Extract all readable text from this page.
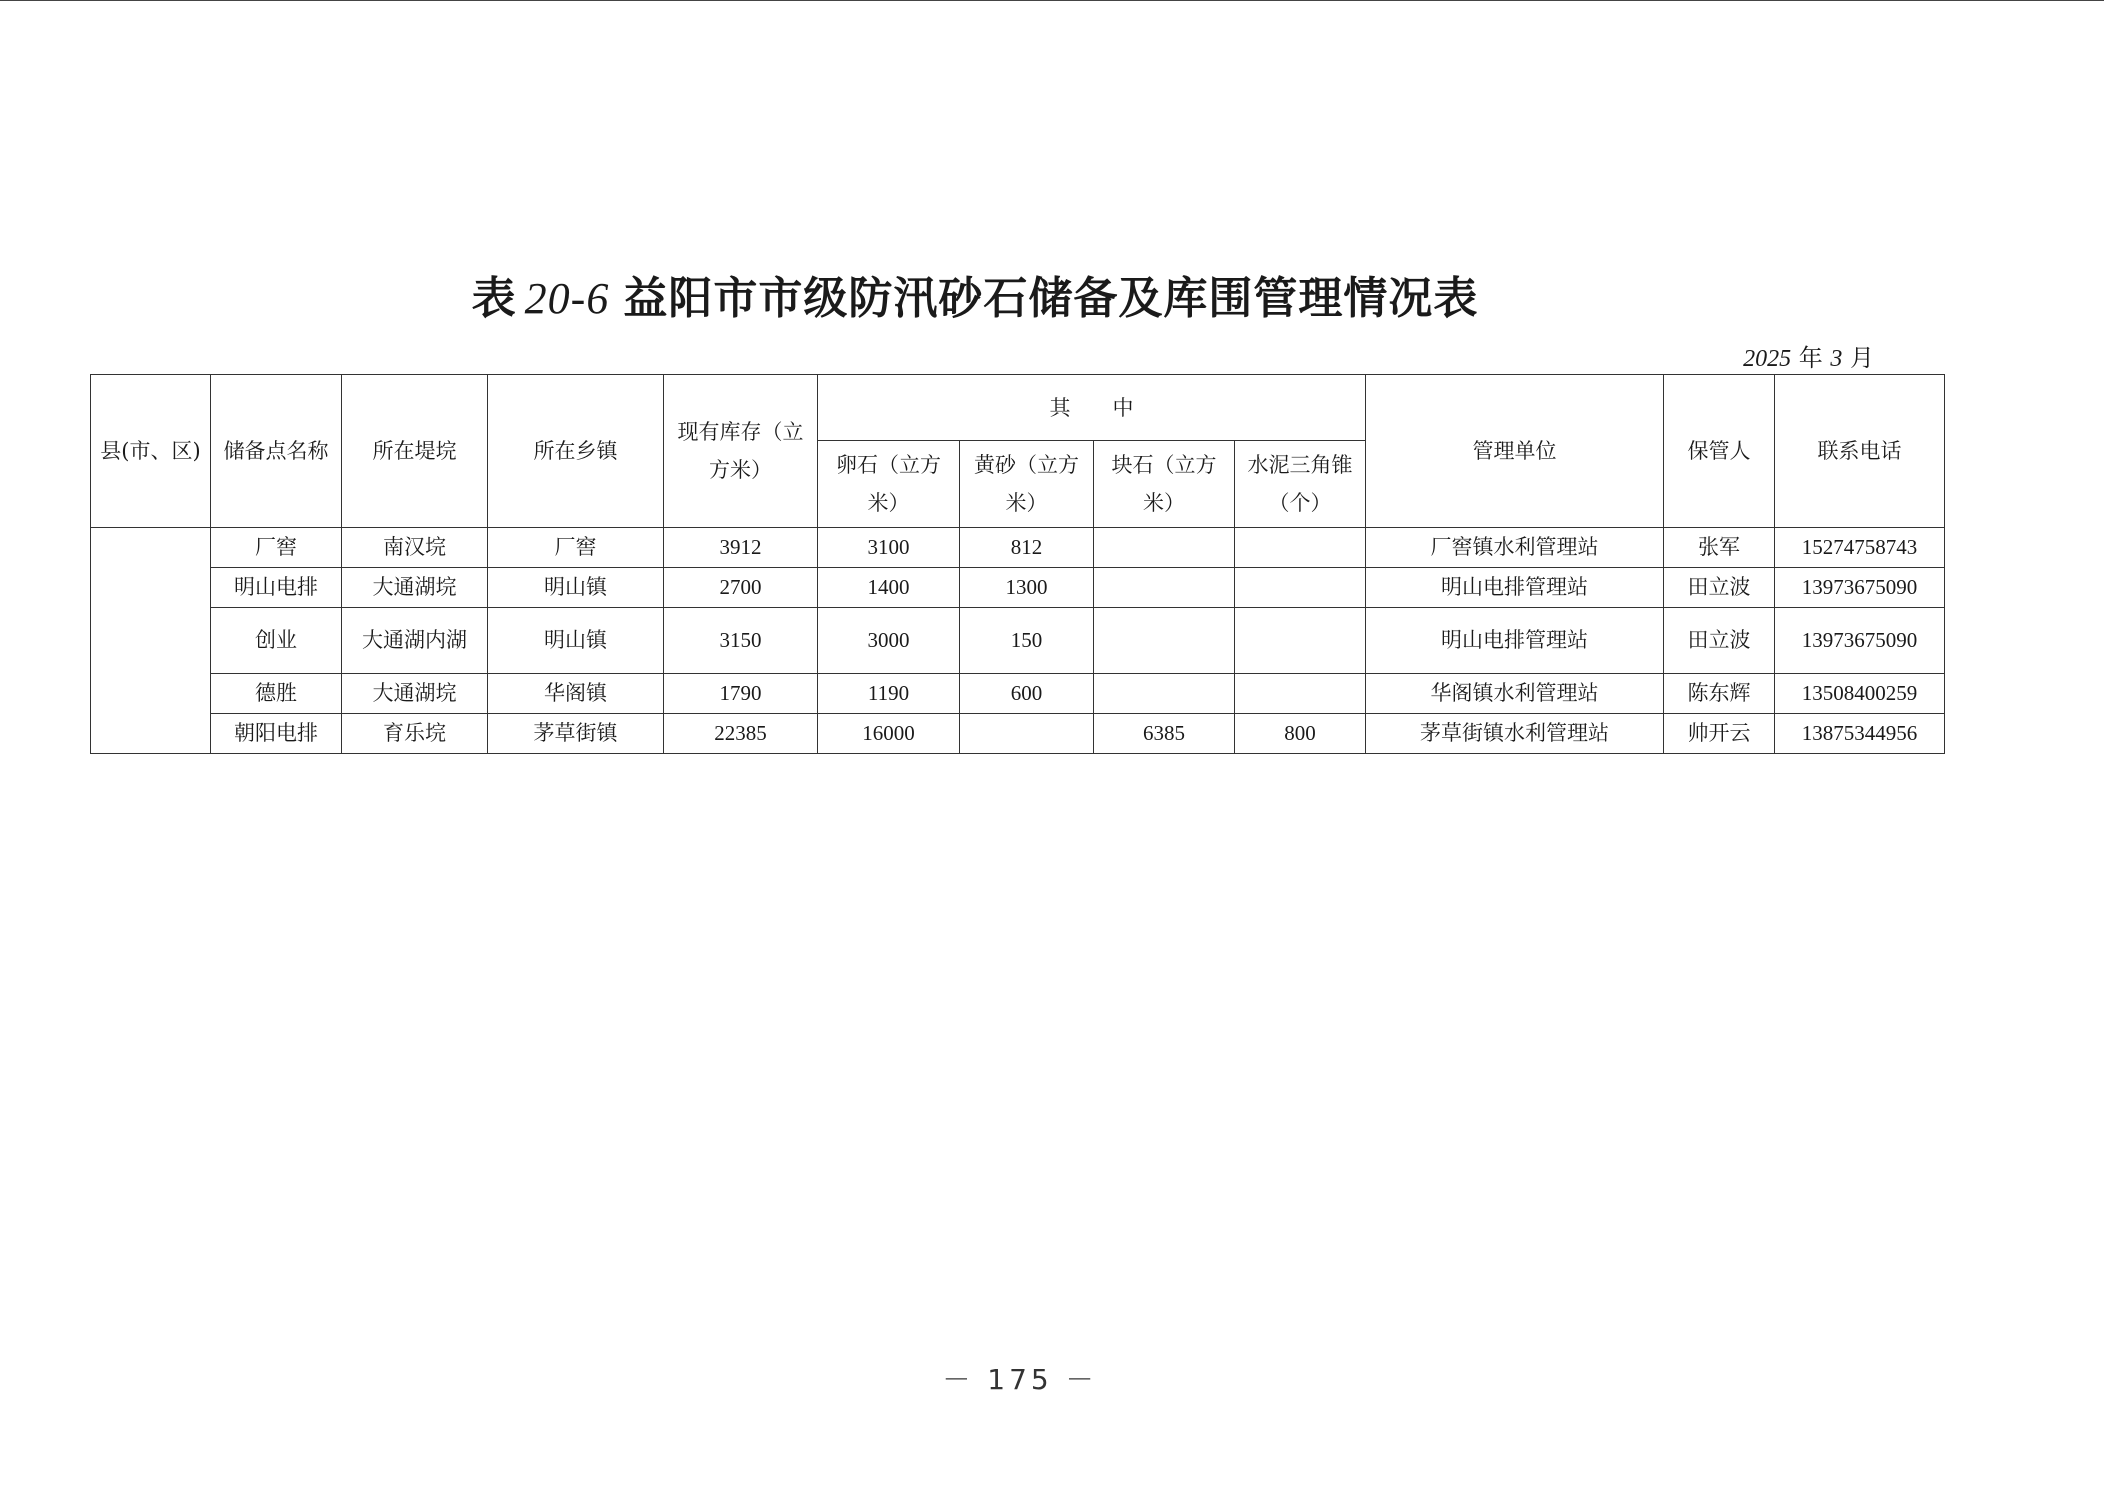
表 20-6 益阳市市级防汛砂石储备及库围管理情况表
2025 年 3 月
县(市、区)	储备点名称	所在堤垸	所在乡镇	现有库存（立方米）	其　　中				管理单位	保管人	联系电话
					卵石（立方米）	黄砂（立方米）	块石（立方米）	水泥三角锥（个）			
	厂窖	南汉垸	厂窖	3912	3100	812			厂窖镇水利管理站	张军	15274758743
	明山电排	大通湖垸	明山镇	2700	1400	1300			明山电排管理站	田立波	13973675090
	创业	大通湖内湖	明山镇	3150	3000	150			明山电排管理站	田立波	13973675090
	德胜	大通湖垸	华阁镇	1790	1190	600			华阁镇水利管理站	陈东辉	13508400259
	朝阳电排	育乐垸	茅草街镇	22385	16000		6385	800	茅草街镇水利管理站	帅开云	13875344956
－ 175 －
